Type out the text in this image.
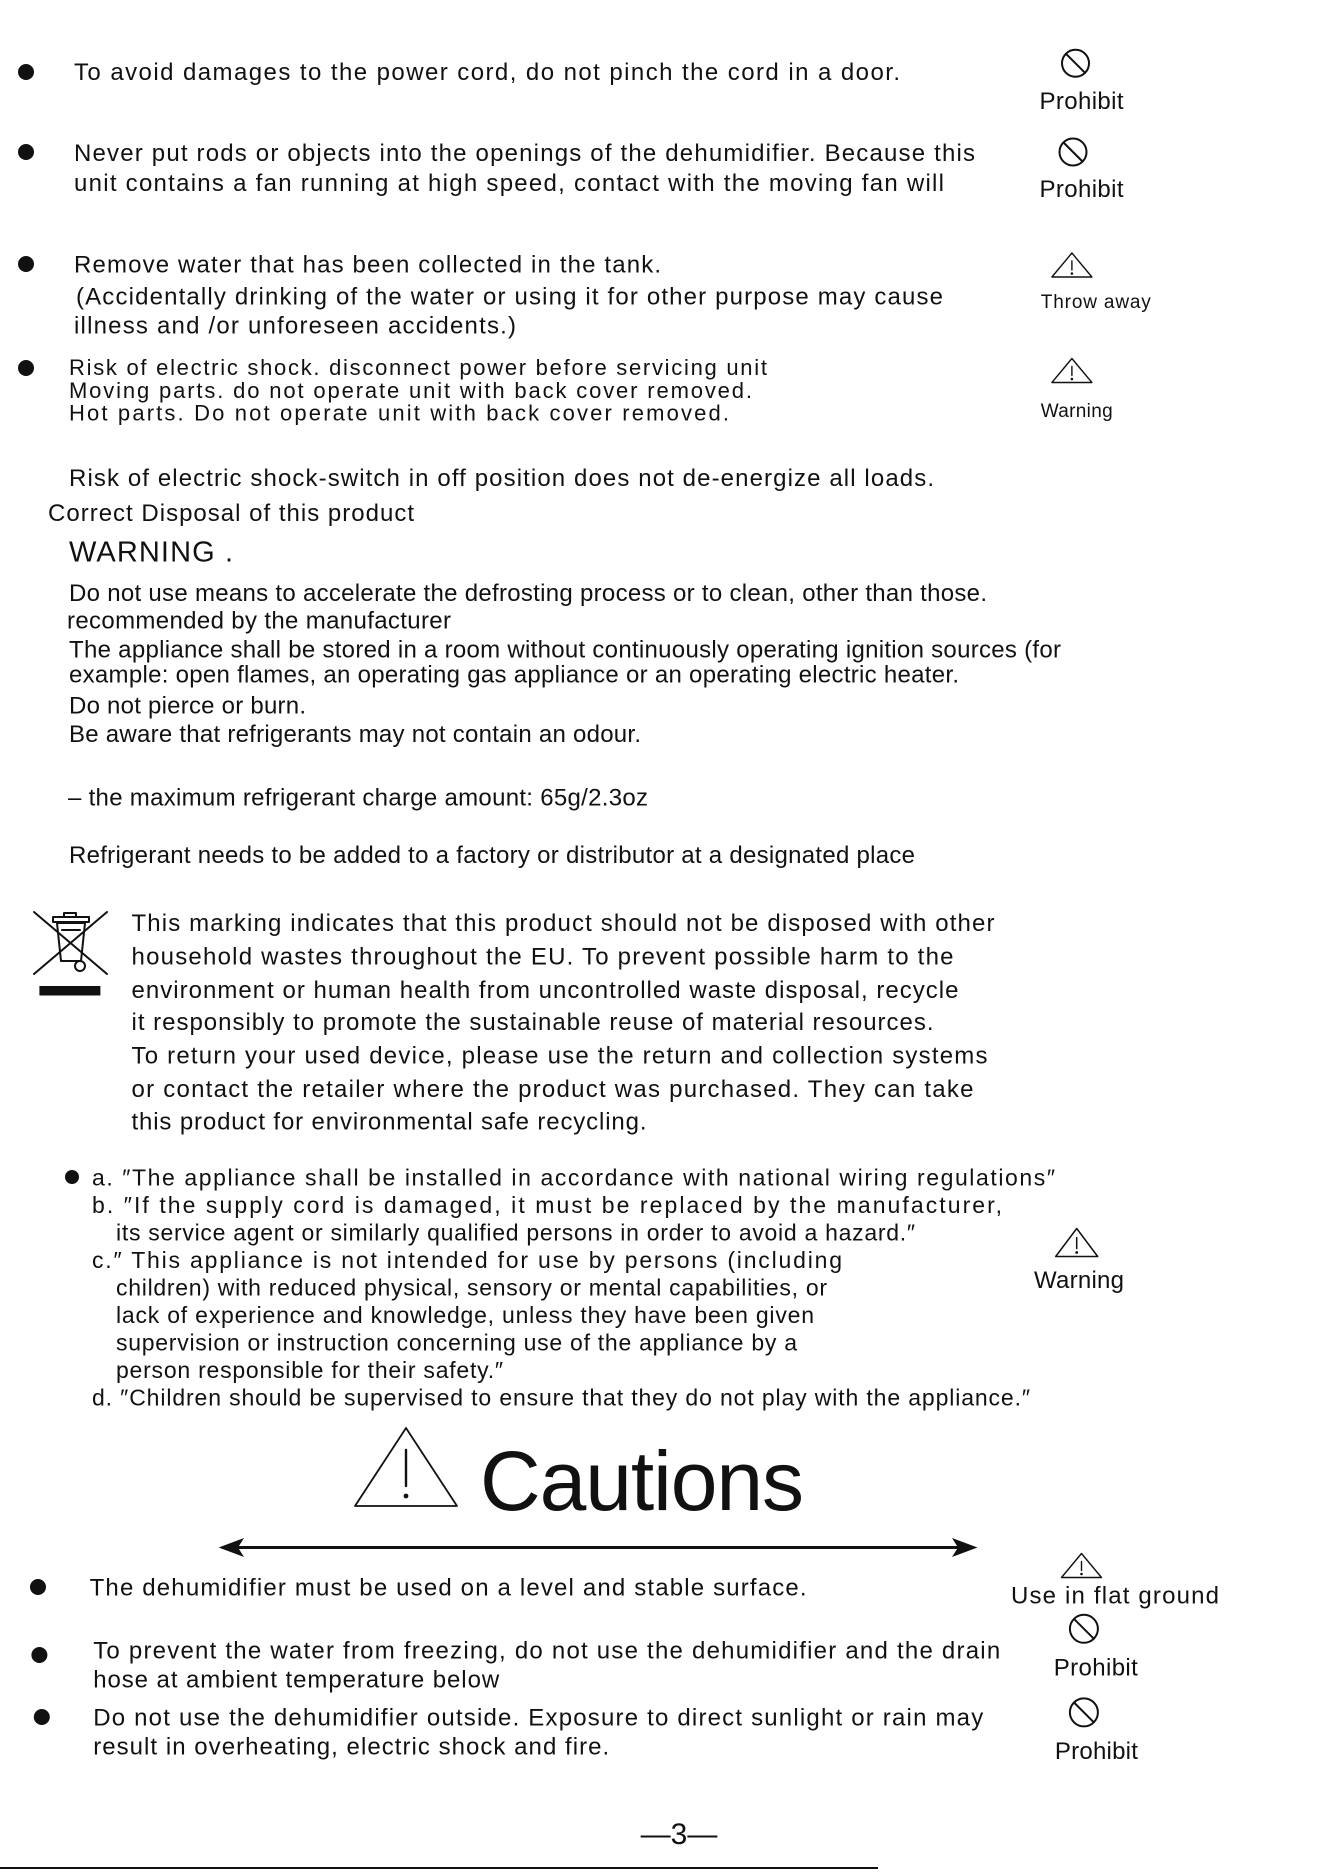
To avoid damages to the power cord, do not pinch the cord in a door.
Prohibit
Never put rods or objects into the openings of the dehumidifier. Because this
unit contains a fan running at high speed, contact with the moving fan will	Prohibit
Remove water that has been collected in the tank.
(Accidentally drinking of the water or using it for other purpose may cause
illness and /or unforeseen accidents.)
Throw away
Risk of electric shock. disconnect power before servicing unit
Moving parts. do not operate unit with back cover removed.
Hot parts. Do not operate unit with back cover removed.	Warning
Risk of electric shock-switch in off position does not de-energize all loads.
Correct Disposal of this product
WARNING .
Do not use means to accelerate the defrosting process or to clean, other than those.
recommended by the manufacturer
The appliance shall be stored in a room without continuously operating ignition sources (for
example: open flames, an operating gas appliance or an operating electric heater.
Do not pierce or burn.
Be aware that refrigerants may not contain an odour.
– the maximum refrigerant charge amount: 65g/2.3oz
Refrigerant needs to be added to a factory or distributor at a designated place
This marking indicates that this product should not be disposed with other
household wastes throughout the EU. To prevent possible harm to the
environment or human health from uncontrolled waste disposal, recycle
it responsibly to promote the sustainable reuse of material resources.
To return your used device, please use the return and collection systems
or contact the retailer where the product was purchased. They can take
this product for environmental safe recycling.
a. ″The appliance shall be installed in accordance with national wiring regulations″
b. ″If the supply cord is damaged, it must be replaced by the manufacturer,
its service agent or similarly qualified persons in order to avoid a hazard.″
c.″ This appliance is not intended for use by persons (including
children) with reduced physical, sensory or mental capabilities, or
lack of experience and knowledge, unless they have been given
supervision or instruction concerning use of the appliance by a
person responsible for their safety.″
d. ″Children should be supervised to ensure that they do not play with the appliance.″
Warning
Cautions
The dehumidifier must be used on a level and stable surface.	Use in flat ground
To prevent the water from freezing, do not use the dehumidifier and the drain
hose at ambient temperature below	Prohibit
Do not use the dehumidifier outside. Exposure to direct sunlight or rain may
result in overheating, electric shock and fire.	Prohibit
—3—
